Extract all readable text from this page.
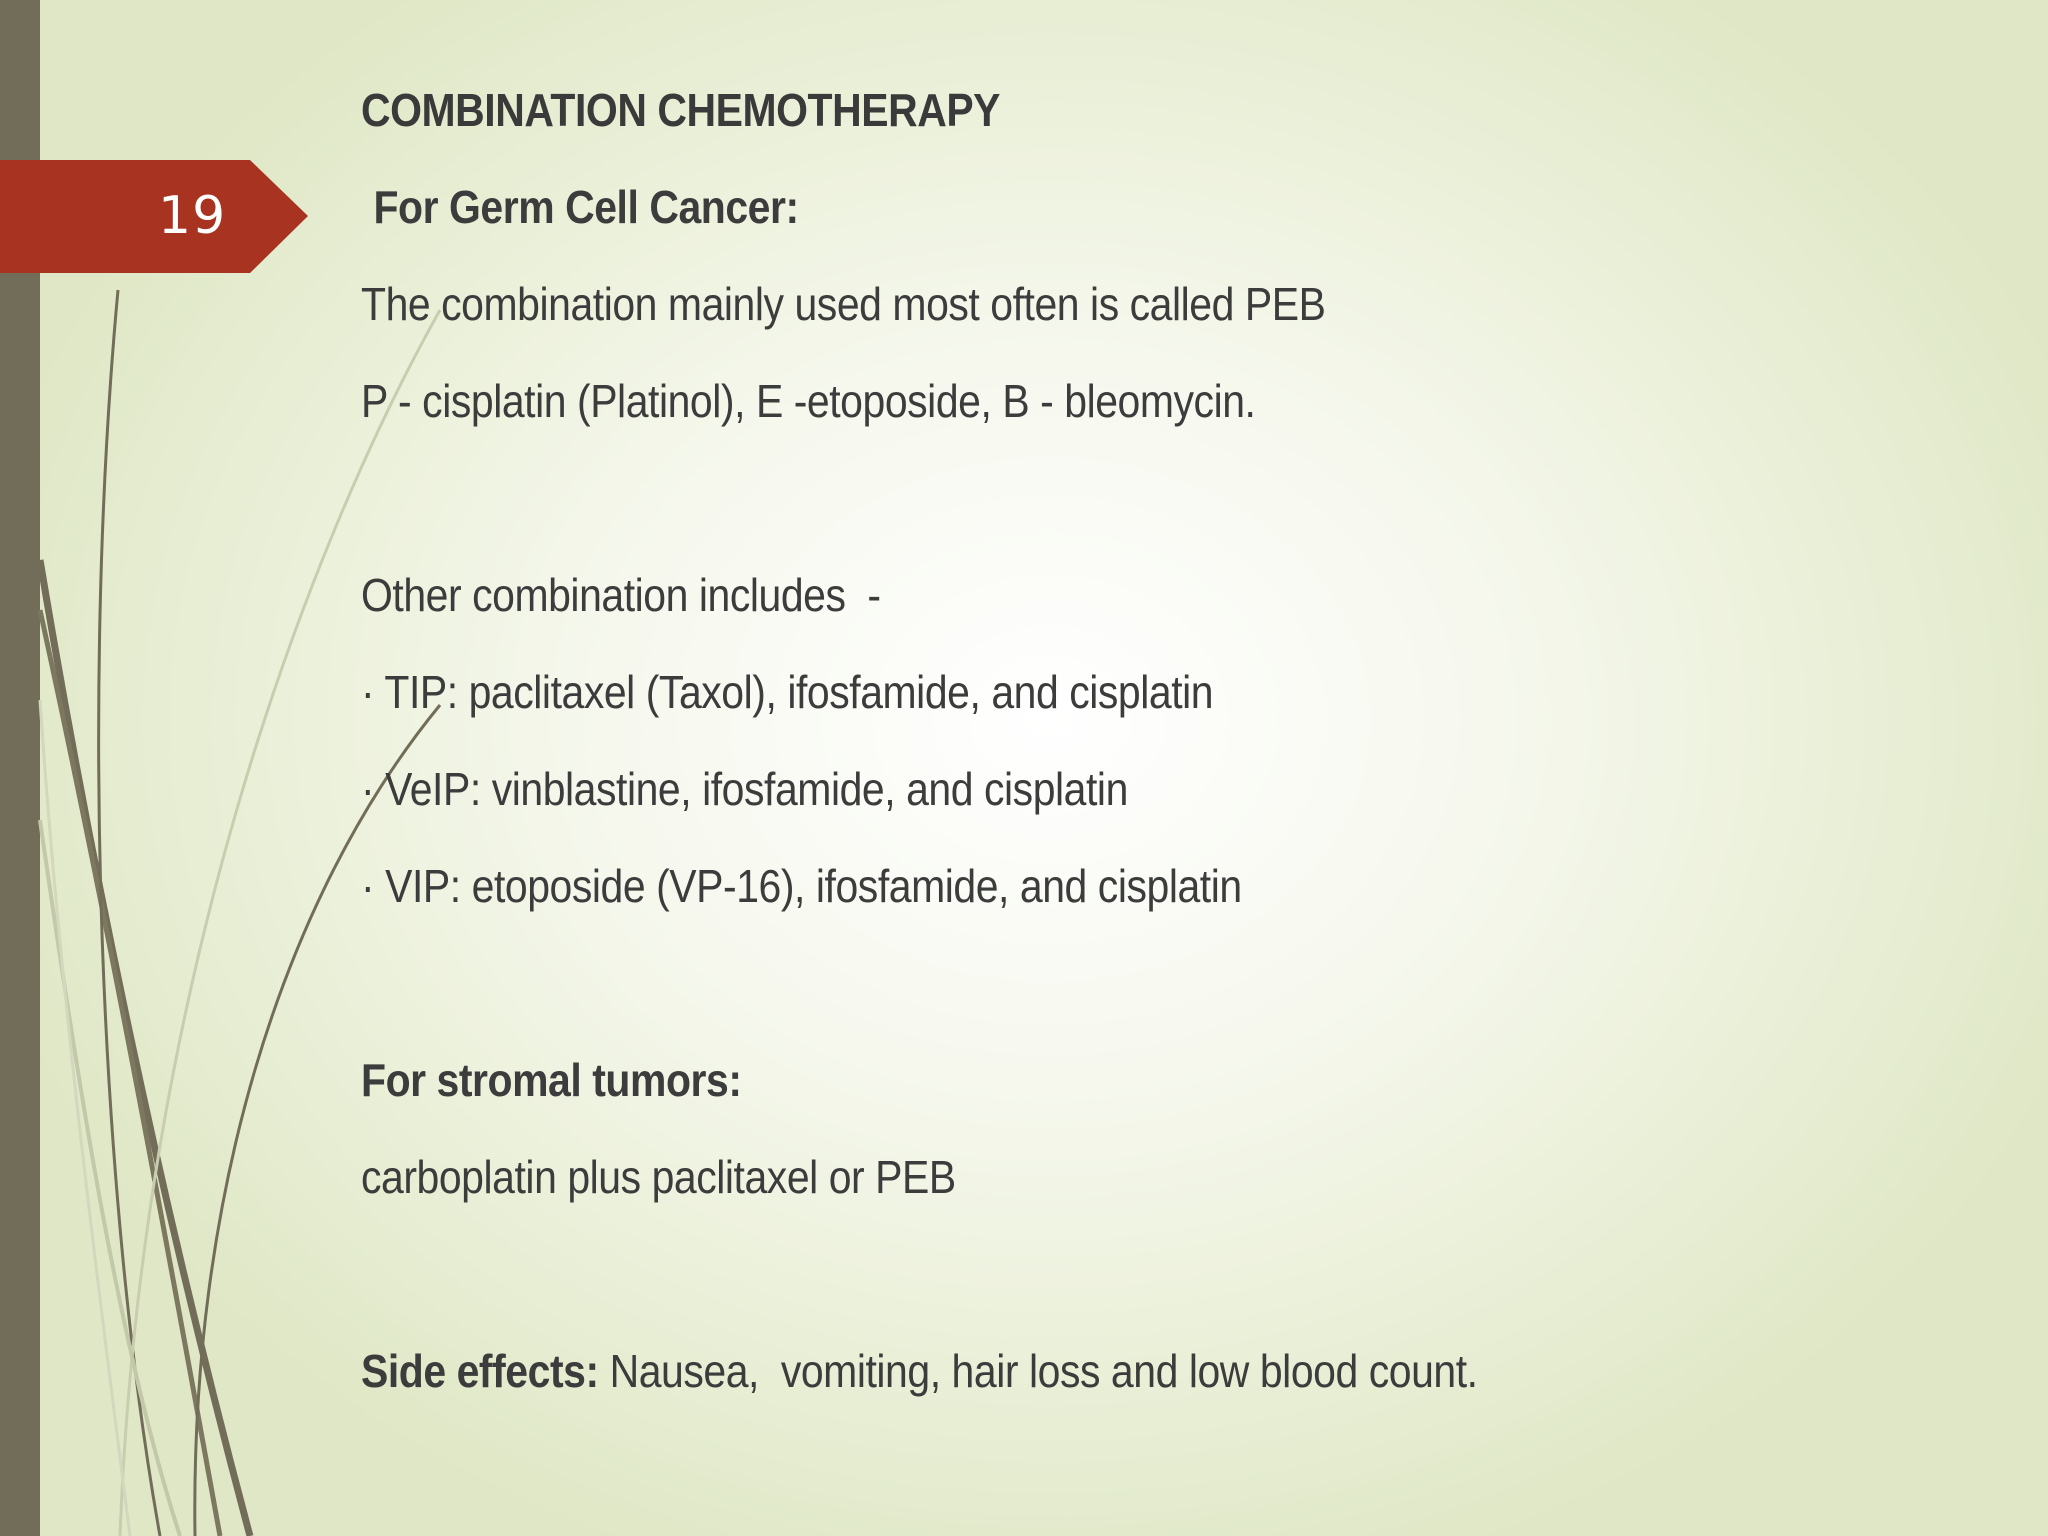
19
COMBINATION CHEMOTHERAPY
For Germ Cell Cancer:
The combination mainly used most often is called PEB
P - cisplatin (Platinol), E -etoposide, B - bleomycin.
Other combination includes  -
· TIP: paclitaxel (Taxol), ifosfamide, and cisplatin
· VeIP: vinblastine, ifosfamide, and cisplatin
· VIP: etoposide (VP-16), ifosfamide, and cisplatin
For stromal tumors:
carboplatin plus paclitaxel or PEB
Side effects: Nausea,  vomiting, hair loss and low blood count.
